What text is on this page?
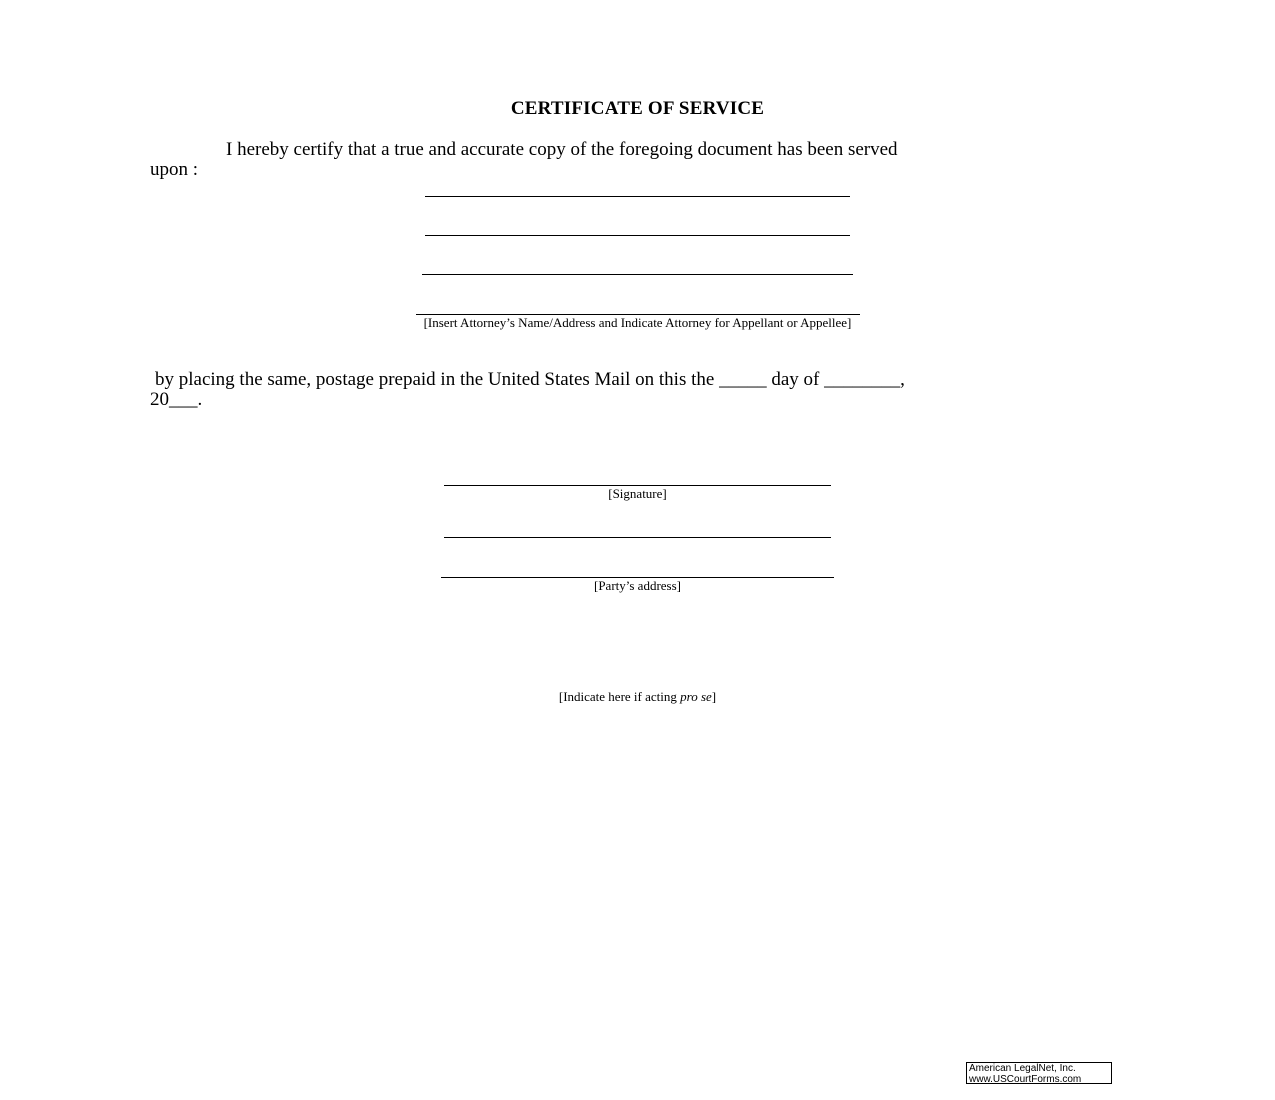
CERTIFICATE OF SERVICE
I hereby certify that a true and accurate copy of the foregoing document has been served
upon :
[Insert Attorney’s Name/Address and Indicate Attorney for Appellant or Appellee]
by placing the same, postage prepaid in the United States Mail on this the _____ day of ________,
20___.
[Signature]
[Party’s address]
[Indicate here if acting pro se]
American LegalNet, Inc.
www.USCourtForms.com
